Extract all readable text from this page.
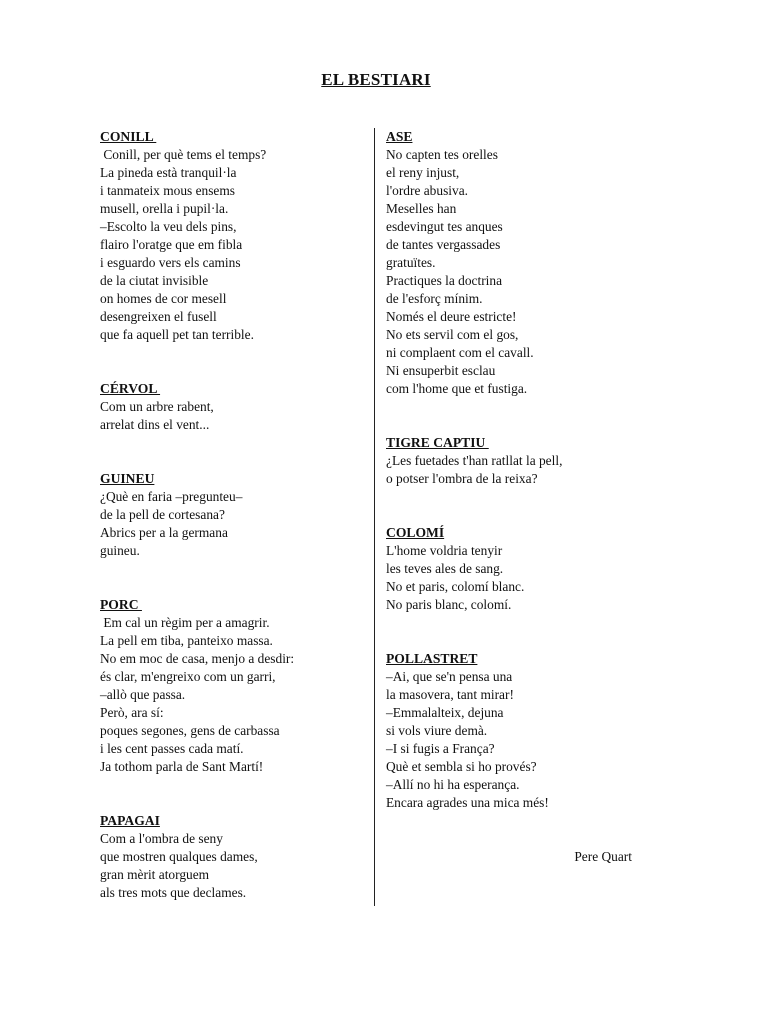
EL BESTIARI
CONILL
Conill, per què tems el temps?
La pineda està tranquil·la
i tanmateix mous ensems
musell, orella i pupil·la.
–Escolto la veu dels pins,
flairo l'oratge que em fibla
i esguardo vers els camins
de la ciutat invisible
on homes de cor mesell
desengreixen el fusell
que fa aquell pet tan terrible.
CÉRVOL
Com un arbre rabent,
arrelat dins el vent...
GUINEU
¿Què en faria –pregunteu–
de la pell de cortesana?
Abrics per a la germana
guineu.
PORC
Em cal un règim per a amagrir.
La pell em tiba, panteixo massa.
No em moc de casa, menjo a desdir:
és clar, m'engreixo com un garri,
–allò que passa.
Però, ara sí:
poques segones, gens de carbassa
i les cent passes cada matí.
Ja tothom parla de Sant Martí!
PAPAGAI
Com a l'ombra de seny
que mostren qualques dames,
gran mèrit atorguem
als tres mots que declames.
ASE
No capten tes orelles
el reny injust,
l'ordre abusiva.
Meselles han
esdevingut tes anques
de tantes vergassades
gratuïtes.
Practiques la doctrina
de l'esforç mínim.
Només el deure estricte!
No ets servil com el gos,
ni complaent com el cavall.
Ni ensuperbit esclau
com l'home que et fustiga.
TIGRE CAPTIU
¿Les fuetades t'han ratllat la pell,
o potser l'ombra de la reixa?
COLOMÍ
L'home voldria tenyir
les teves ales de sang.
No et paris, colomí blanc.
No paris blanc, colomí.
POLLASTRET
–Ai, que se'n pensa una
la masovera, tant mirar!
–Emmalalteix, dejuna
si vols viure demà.
–I si fugis a França?
Què et sembla si ho provés?
–Allí no hi ha esperança.
Encara agrades una mica més!
Pere Quart
